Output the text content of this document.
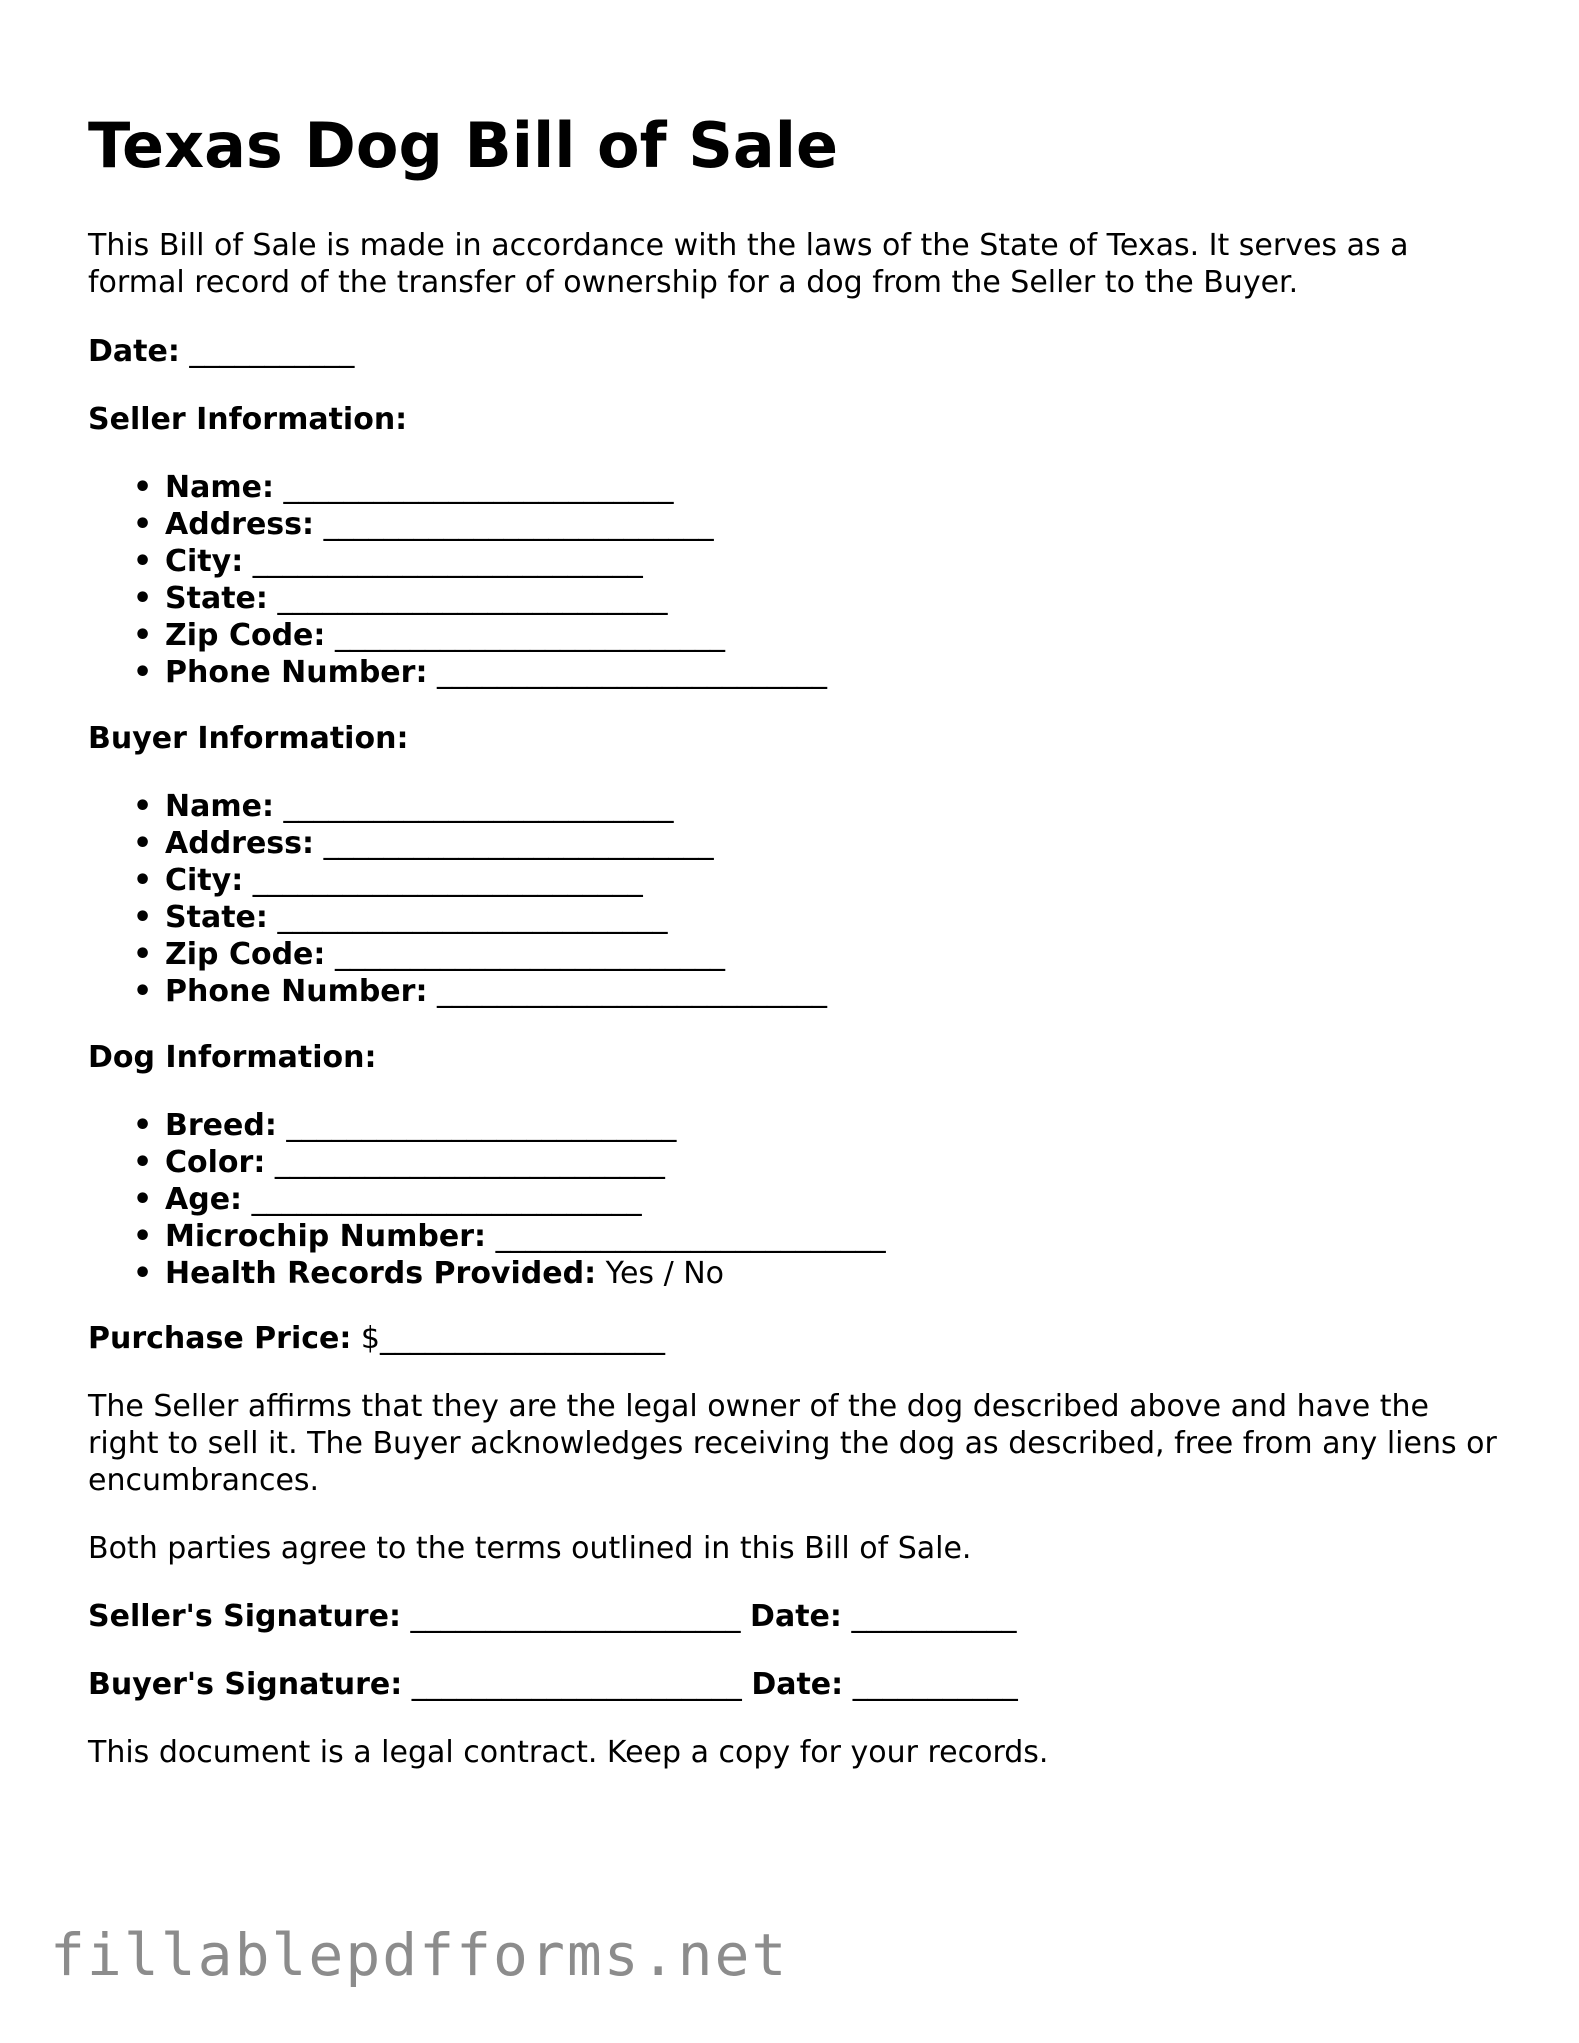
Texas Dog Bill of Sale

This Bill of Sale is made in accordance with the laws of the State of Texas. It serves as a formal record of the transfer of ownership for a dog from the Seller to the Buyer.

Date: ___________

Seller Information:

• Name: __________________________
• Address: __________________________
• City: __________________________
• State: __________________________
• Zip Code: __________________________
• Phone Number: __________________________

Buyer Information:

• Name: __________________________
• Address: __________________________
• City: __________________________
• State: __________________________
• Zip Code: __________________________
• Phone Number: __________________________

Dog Information:

• Breed: __________________________
• Color: __________________________
• Age: __________________________
• Microchip Number: __________________________
• Health Records Provided: Yes / No

Purchase Price: $___________________

The Seller affirms that they are the legal owner of the dog described above and have the right to sell it. The Buyer acknowledges receiving the dog as described, free from any liens or encumbrances.

Both parties agree to the terms outlined in this Bill of Sale.

Seller's Signature: ______________________ Date: ___________

Buyer's Signature: ______________________ Date: ___________

This document is a legal contract. Keep a copy for your records.

fillablepdfforms.net
